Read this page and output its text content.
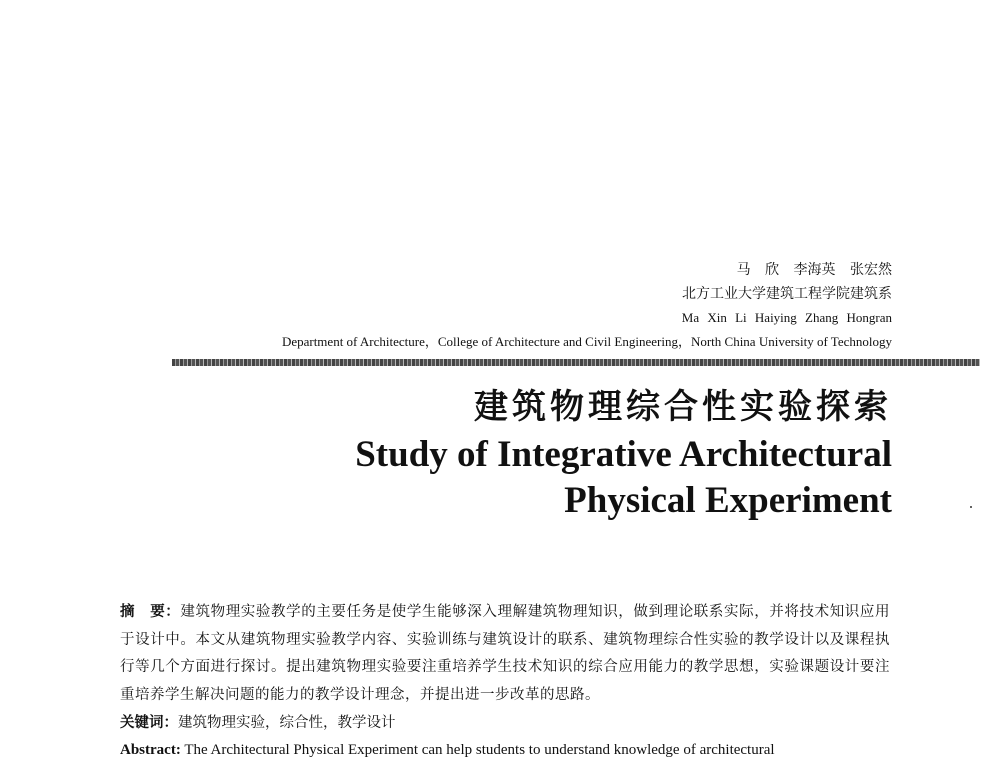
马 欣 李海英 张宏然
北方工业大学建筑工程学院建筑系
Ma Xin Li Haiying Zhang Hongran
Department of Architecture，College of Architecture and Civil Engineering，North China University of Technology
建筑物理综合性实验探索
Study of Integrative Architectural
Physical Experiment

摘　要：建筑物理实验教学的主要任务是使学生能够深入理解建筑物理知识，做到理论联系实际，并将技术知识应用于设计中。本文从建筑物理实验教学内容、实验训练与建筑设计的联系、建筑物理综合性实验的教学设计以及课程执行等几个方面进行探讨。提出建筑物理实验要注重培养学生技术知识的综合应用能力的教学思想，实验课题设计要注重培养学生解决问题的能力的教学设计理念，并提出进一步改革的思路。

关键词：建筑物理实验，综合性，教学设计

Abstract: The Architectural Physical Experiment can help students to understand knowledge of architectural
